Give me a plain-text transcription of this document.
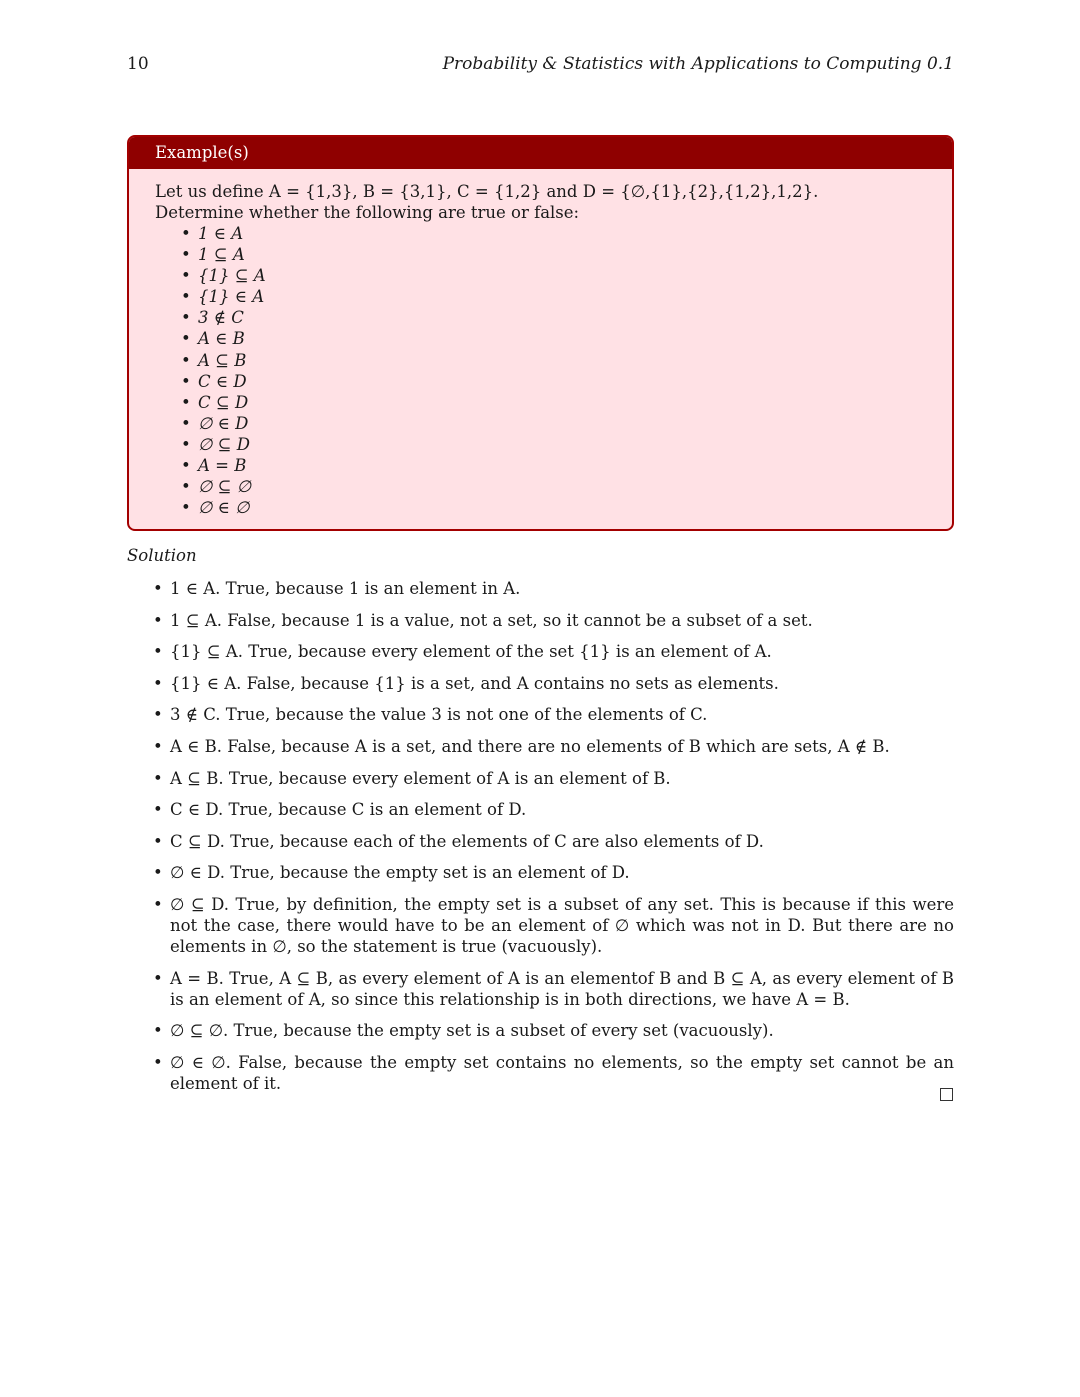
10	Probability & Statistics with Applications to Computing 0.1
Example(s)

Let us define A = {1,3}, B = {3,1}, C = {1,2} and D = {∅,{1},{2},{1,2},1,2}.

Determine whether the following are true or false:

• 1 ∈ A
• 1 ⊆ A
• {1} ⊆ A
• {1} ∈ A
• 3 ∉ C
• A ∈ B
• A ⊆ B
• C ∈ D
• C ⊆ D
• ∅ ∈ D
• ∅ ⊆ D
• A = B
• ∅ ⊆ ∅
• ∅ ∈ ∅
Solution
• 1 ∈ A. True, because 1 is an element in A.
• 1 ⊆ A. False, because 1 is a value, not a set, so it cannot be a subset of a set.
• {1} ⊆ A. True, because every element of the set {1} is an element of A.
• {1} ∈ A. False, because {1} is a set, and A contains no sets as elements.
• 3 ∉ C. True, because the value 3 is not one of the elements of C.
• A ∈ B. False, because A is a set, and there are no elements of B which are sets, A ∉ B.
• A ⊆ B. True, because every element of A is an element of B.
• C ∈ D. True, because C is an element of D.
• C ⊆ D. True, because each of the elements of C are also elements of D.
• ∅ ∈ D. True, because the empty set is an element of D.
• ∅ ⊆ D. True, by definition, the empty set is a subset of any set. This is because if this were not the case, there would have to be an element of ∅ which was not in D. But there are no elements in ∅, so the statement is true (vacuously).
• A = B. True, A ⊆ B, as every element of A is an elementof B and B ⊆ A, as every element of B is an element of A, so since this relationship is in both directions, we have A = B.
• ∅ ⊆ ∅. True, because the empty set is a subset of every set (vacuously).
• ∅ ∈ ∅. False, because the empty set contains no elements, so the empty set cannot be an element of it.
